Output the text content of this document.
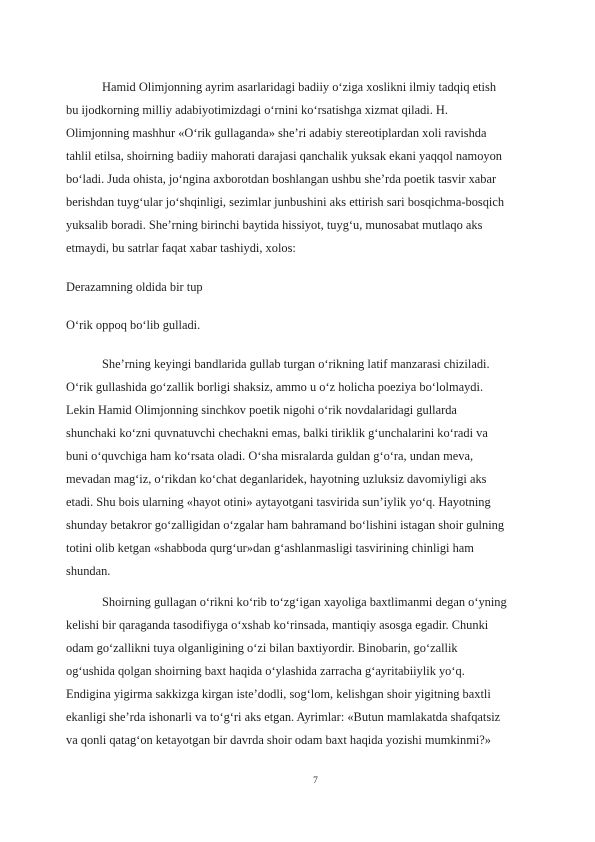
Hamid Olimjonning ayrim asarlaridagi badiiy o‘ziga xoslikni ilmiy tadqiq etish
bu ijodkorning milliy adabiyotimizdagi o‘rnini ko‘rsatishga xizmat qiladi. H.
Olimjonning mashhur «O‘rik gullaganda» she’ri adabiy stereotiplardan xoli ravishda
tahlil etilsa, shoirning badiiy mahorati darajasi qanchalik yuksak ekani yaqqol namoyon
bo‘ladi. Juda ohista, jo‘ngina axborotdan boshlangan ushbu she’rda poetik tasvir xabar
berishdan tuyg‘ular jo‘shqinligi, sezimlar junbushini aks ettirish sari bosqichma-bosqich
yuksalib boradi. She’rning birinchi baytida hissiyot, tuyg‘u, munosabat mutlaqo aks
etmaydi, bu satrlar faqat xabar tashiydi, xolos:
Derazamning oldida bir tup
O‘rik oppoq bo‘lib gulladi.
She’rning keyingi bandlarida gullab turgan o‘rikning latif manzarasi chiziladi.
O‘rik gullashida go‘zallik borligi shaksiz, ammo u o‘z holicha poeziya bo‘lolmaydi.
Lekin Hamid Olimjonning sinchkov poetik nigohi o‘rik novdalaridagi gullarda
shunchaki ko‘zni quvnatuvchi chechakni emas, balki tiriklik g‘unchalarini ko‘radi va
buni o‘quvchiga ham ko‘rsata oladi. O‘sha misralarda guldan g‘o‘ra, undan meva,
mevadan mag‘iz, o‘rikdan ko‘chat deganlaridek, hayotning uzluksiz davomiyligi aks
etadi. Shu bois ularning «hayot otini» aytayotgani tasvirida sun’iylik yo‘q. Hayotning
shunday betakror go‘zalligidan o‘zgalar ham bahramand bo‘lishini istagan shoir gulning
totini olib ketgan «shabboda qurg‘ur»dan g‘ashlanmasligi tasvirining chinligi ham
shundan.
Shoirning gullagan o‘rikni ko‘rib to‘zg‘igan xayoliga baxtlimanmi degan o‘yning
kelishi bir qaraganda tasodifiyga o‘xshab ko‘rinsada, mantiqiy asosga egadir. Chunki
odam go‘zallikni tuya olganligining o‘zi bilan baxtiyordir. Binobarin, go‘zallik
og‘ushida qolgan shoirning baxt haqida o‘ylashida zarracha g‘ayritabiiylik yo‘q.
Endigina yigirma sakkizga kirgan iste’dodli, sog‘lom, kelishgan shoir yigitning baxtli
ekanligi she’rda ishonarli va to‘g‘ri aks etgan. Ayrimlar: «Butun mamlakatda shafqatsiz
va qonli qatag‘on ketayotgan bir davrda shoir odam baxt haqida yozishi mumkinmi?»
7
